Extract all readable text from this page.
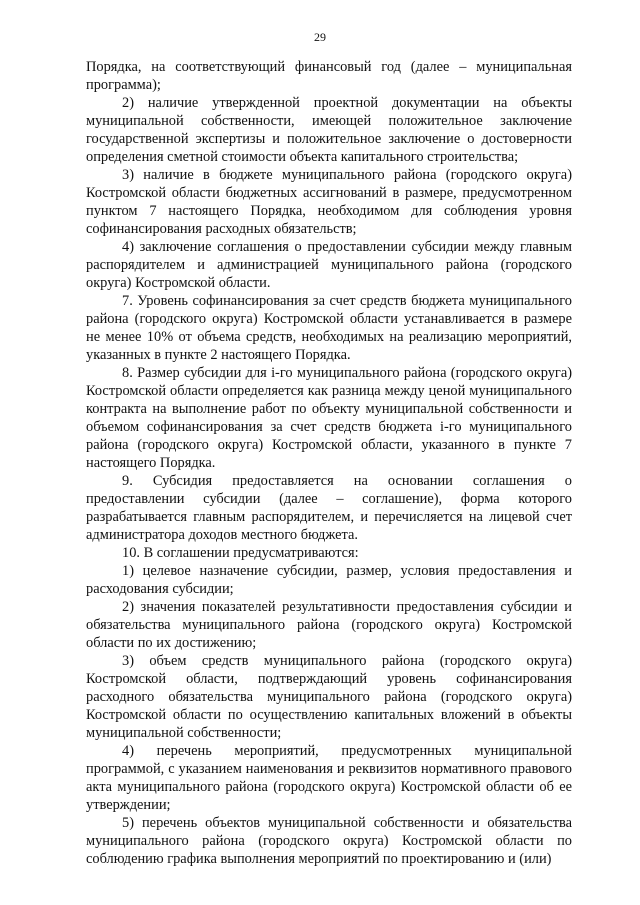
29

Порядка, на соответствующий финансовый год (далее – муниципальная программа);

2) наличие утвержденной проектной документации на объекты муниципальной собственности, имеющей положительное заключение государственной экспертизы и положительное заключение о достоверности определения сметной стоимости объекта капитального строительства;

3) наличие в бюджете муниципального района (городского округа) Костромской области бюджетных ассигнований в размере, предусмотренном пунктом 7 настоящего Порядка, необходимом для соблюдения уровня софинансирования расходных обязательств;

4) заключение соглашения о предоставлении субсидии между главным распорядителем и администрацией муниципального района (городского округа) Костромской области.

7. Уровень софинансирования за счет средств бюджета муниципального района (городского округа) Костромской области устанавливается в размере не менее 10% от объема средств, необходимых на реализацию мероприятий, указанных в пункте 2 настоящего Порядка.

8. Размер субсидии для i-го муниципального района (городского округа) Костромской области определяется как разница между ценой муниципального контракта на выполнение работ по объекту муниципальной собственности и объемом софинансирования за счет средств бюджета i-го муниципального района (городского округа) Костромской области, указанного в пункте 7 настоящего Порядка.

9. Субсидия предоставляется на основании соглашения о предоставлении субсидии (далее – соглашение), форма которого разрабатывается главным распорядителем, и перечисляется на лицевой счет администратора доходов местного бюджета.

10. В соглашении предусматриваются:

1) целевое назначение субсидии, размер, условия предоставления и расходования субсидии;

2) значения показателей результативности предоставления субсидии и обязательства муниципального района (городского округа) Костромской области по их достижению;

3) объем средств муниципального района (городского округа) Костромской области, подтверждающий уровень софинансирования расходного обязательства муниципального района (городского округа) Костромской области по осуществлению капитальных вложений в объекты муниципальной собственности;

4) перечень мероприятий, предусмотренных муниципальной программой, с указанием наименования и реквизитов нормативного правового акта муниципального района (городского округа) Костромской области об ее утверждении;

5) перечень объектов муниципальной собственности и обязательства муниципального района (городского округа) Костромской области по соблюдению графика выполнения мероприятий по проектированию и (или)
